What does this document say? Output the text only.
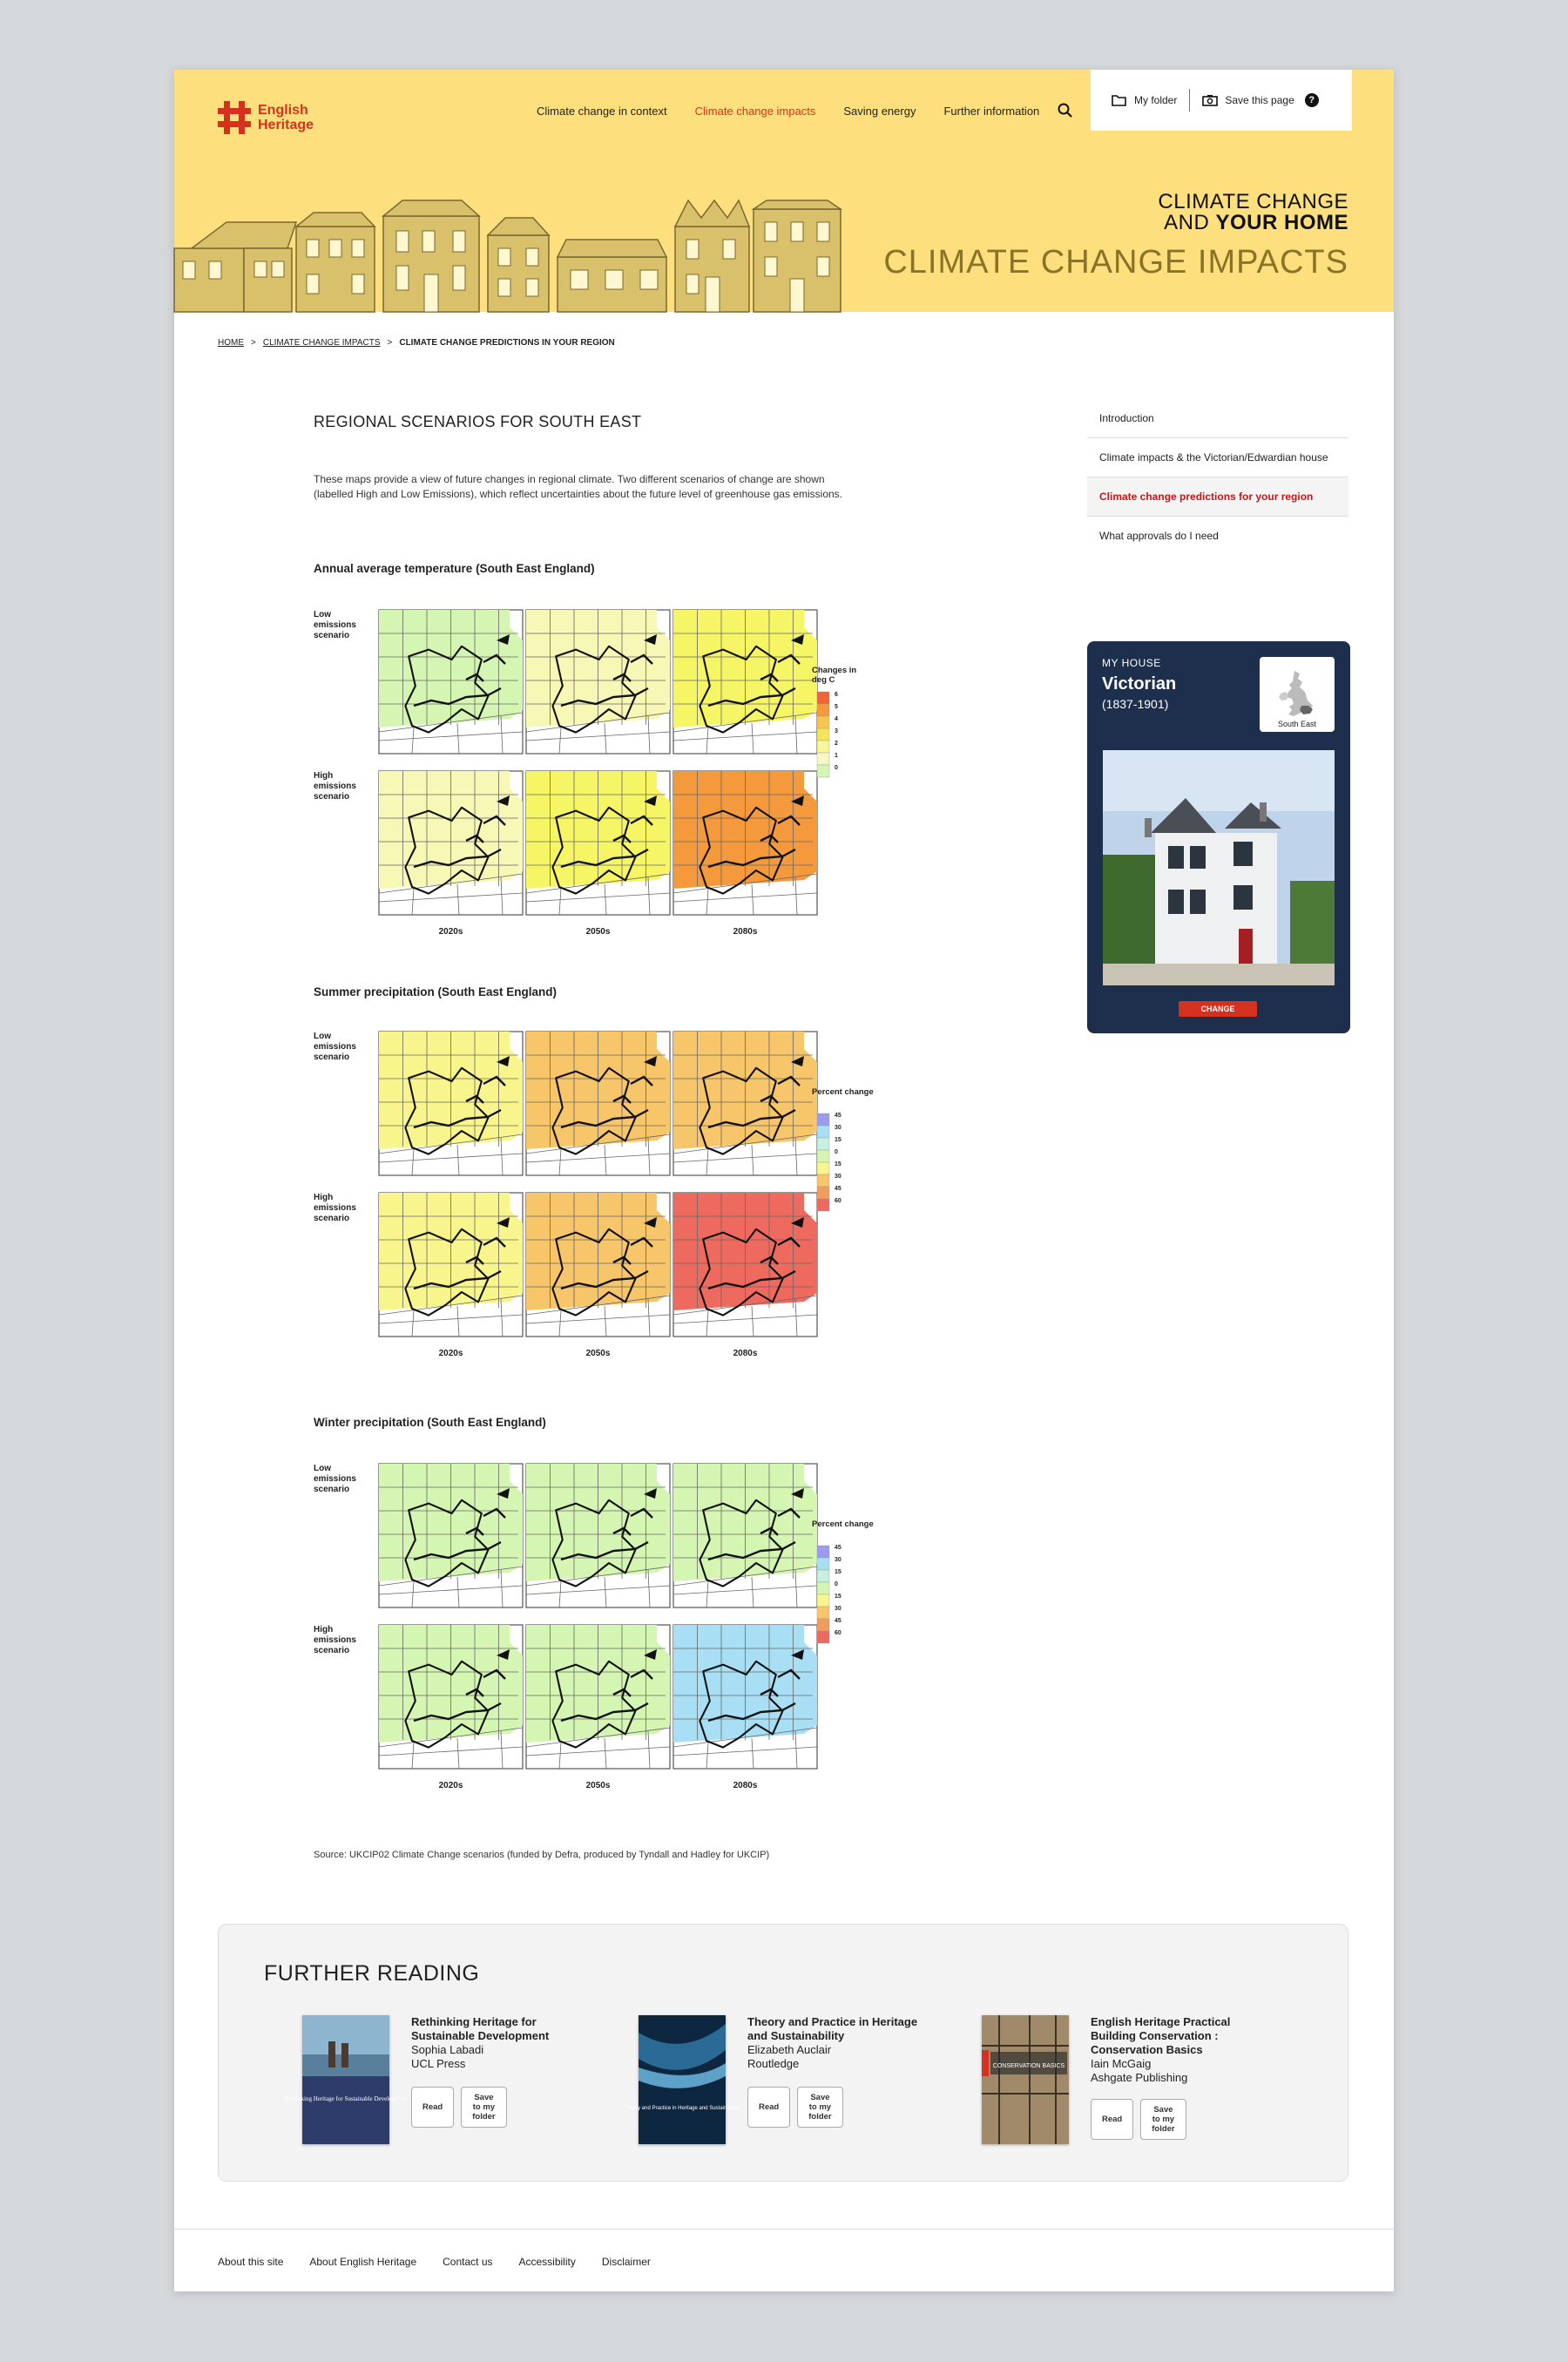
English
Heritage
Climate change in context Climate change impacts Saving energy Further information
My folder	Save this page	?
CLIMATE CHANGE
AND YOUR HOME
CLIMATE CHANGE IMPACTS
HOME > CLIMATE CHANGE IMPACTS > CLIMATE CHANGE PREDICTIONS IN YOUR REGION
REGIONAL SCENARIOS FOR SOUTH EAST
These maps provide a view of future changes in regional climate. Two different scenarios of change are shown (labelled High and Low Emissions), which reflect uncertainties about the future level of greenhouse gas emissions.
Annual average temperature (South East England)
Low emissions scenario
High emissions scenario
2020s	2050s	2080s
Changes in deg C
6
5
4
3
2
1
0
Summer precipitation (South East England)
Low emissions scenario
High emissions scenario
2020s	2050s	2080s
Percent change
45
30
15
0
15
30
45
60
Winter precipitation (South East England)
Low emissions scenario
High emissions scenario
2020s	2050s	2080s
Percent change
45
30
15
0
15
30
45
60
Source: UKCIP02 Climate Change scenarios (funded by Defra, produced by Tyndall and Hadley for UKCIP)
Introduction
Climate impacts & the Victorian/Edwardian house
Climate change predictions for your region
What approvals do I need
MY HOUSE
Victorian
(1837-1901)
South East
CHANGE
FURTHER READING
Rethinking Heritage for Sustainable Development
Rethinking Heritage for Sustainable Development
Sophia Labadi
UCL Press
Read
Save to my folder
Theory and Practice in Heritage and Sustainability
Theory and Practice in Heritage and Sustainability
Elizabeth Auclair
Routledge
Read
Save to my folder
CONSERVATION BASICS
English Heritage Practical Building Conservation : Conservation Basics
Iain McGaig
Ashgate Publishing
Read
Save to my folder
About this site	About English Heritage	Contact us	Accessibility	Disclaimer
